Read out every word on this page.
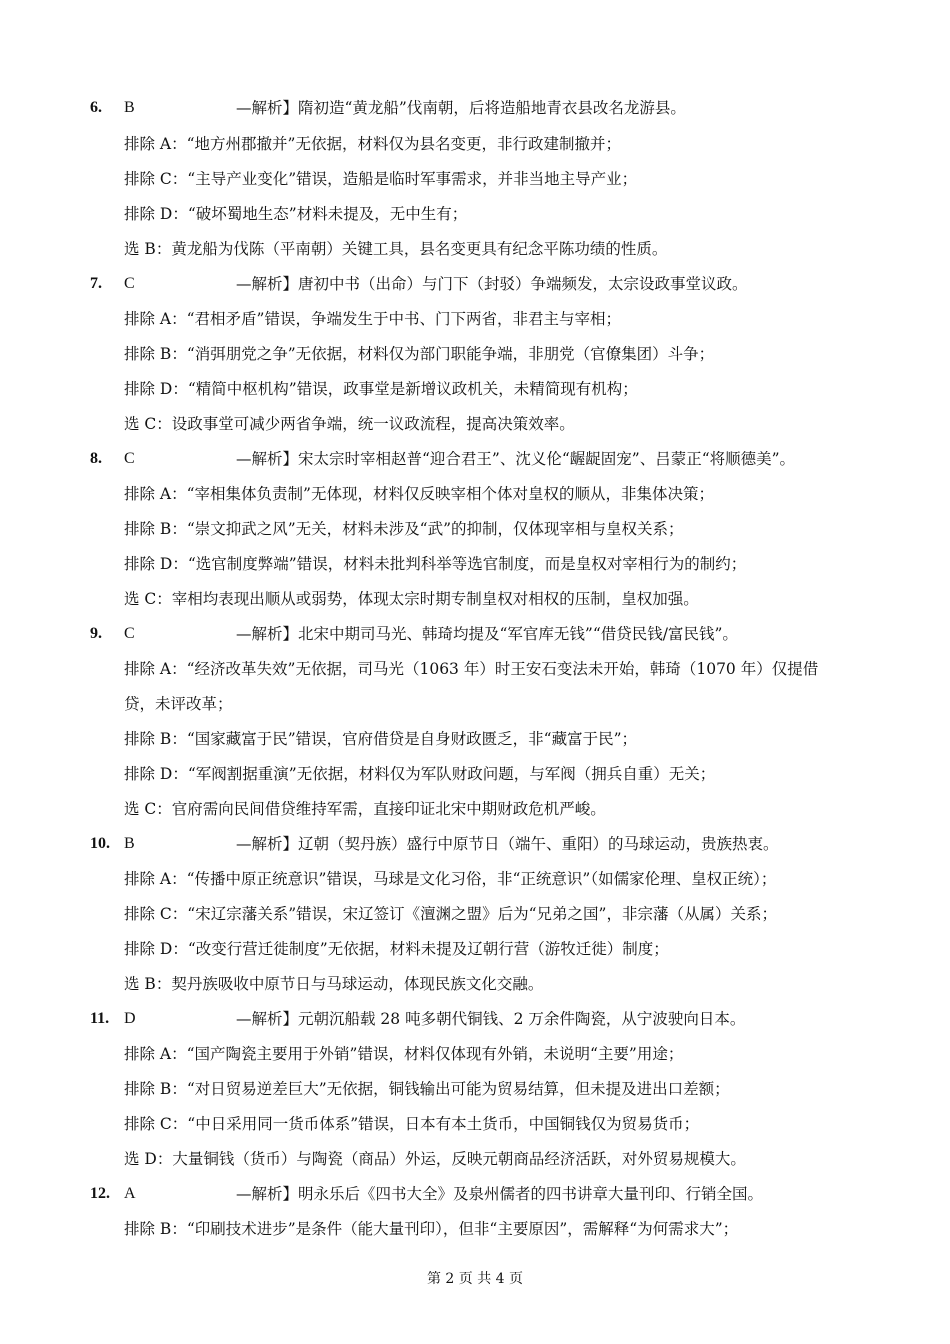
6. B	—解析】隋初造“黄龙船”伐南朝，后将造船地青衣县改名龙游县。
排除 A：“地方州郡撤并”无依据，材料仅为县名变更，非行政建制撤并；
排除 C：“主导产业变化”错误，造船是临时军事需求，并非当地主导产业；
排除 D：“破坏蜀地生态”材料未提及，无中生有；
选 B：黄龙船为伐陈（平南朝）关键工具，县名变更具有纪念平陈功绩的性质。
7. C	—解析】唐初中书（出命）与门下（封驳）争端频发，太宗设政事堂议政。
排除 A：“君相矛盾”错误，争端发生于中书、门下两省，非君主与宰相；
排除 B：“消弭朋党之争”无依据，材料仅为部门职能争端，非朋党（官僚集团）斗争；
排除 D：“精简中枢机构”错误，政事堂是新增议政机关，未精简现有机构；
选 C：设政事堂可减少两省争端，统一议政流程，提高决策效率。
8. C	—解析】宋太宗时宰相赵普“迎合君王”、沈义伦“龌龊固宠”、吕蒙正“将顺德美”。
排除 A：“宰相集体负责制”无体现，材料仅反映宰相个体对皇权的顺从，非集体决策；
排除 B：“崇文抑武之风”无关，材料未涉及“武”的抑制，仅体现宰相与皇权关系；
排除 D：“选官制度弊端”错误，材料未批判科举等选官制度，而是皇权对宰相行为的制约；
选 C：宰相均表现出顺从或弱势，体现太宗时期专制皇权对相权的压制，皇权加强。
9. C	—解析】北宋中期司马光、韩琦均提及“军官库无钱”“借贷民钱/富民钱”。
排除 A：“经济改革失效”无依据，司马光（1063 年）时王安石变法未开始，韩琦（1070 年）仅提借
贷，未评改革；
排除 B：“国家藏富于民”错误，官府借贷是自身财政匮乏，非“藏富于民”；
排除 D：“军阀割据重演”无依据，材料仅为军队财政问题，与军阀（拥兵自重）无关；
选 C：官府需向民间借贷维持军需，直接印证北宋中期财政危机严峻。
10. B	—解析】辽朝（契丹族）盛行中原节日（端午、重阳）的马球运动，贵族热衷。
排除 A：“传播中原正统意识”错误，马球是文化习俗，非“正统意识”（如儒家伦理、皇权正统）；
排除 C：“宋辽宗藩关系”错误，宋辽签订《澶渊之盟》后为“兄弟之国”，非宗藩（从属）关系；
排除 D：“改变行营迁徙制度”无依据，材料未提及辽朝行营（游牧迁徙）制度；
选 B：契丹族吸收中原节日与马球运动，体现民族文化交融。
11. D	—解析】元朝沉船载 28 吨多朝代铜钱、2 万余件陶瓷，从宁波驶向日本。
排除 A：“国产陶瓷主要用于外销”错误，材料仅体现有外销，未说明“主要”用途；
排除 B：“对日贸易逆差巨大”无依据，铜钱输出可能为贸易结算，但未提及进出口差额；
排除 C：“中日采用同一货币体系”错误，日本有本土货币，中国铜钱仅为贸易货币；
选 D：大量铜钱（货币）与陶瓷（商品）外运，反映元朝商品经济活跃，对外贸易规模大。
12. A	—解析】明永乐后《四书大全》及泉州儒者的四书讲章大量刊印、行销全国。
排除 B：“印刷技术进步”是条件（能大量刊印），但非“主要原因”，需解释“为何需求大”；
第 2 页 共 4 页
